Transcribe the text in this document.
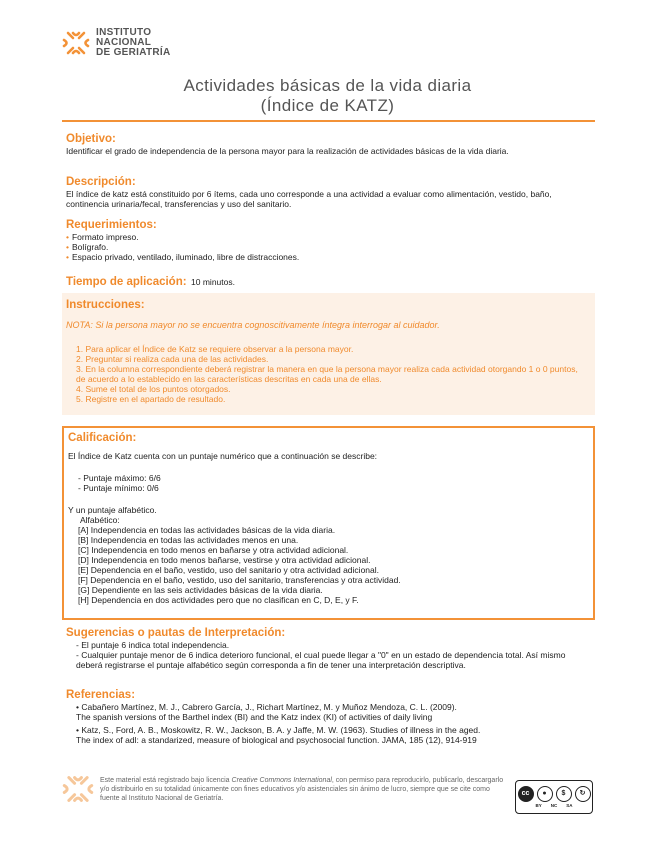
INSTITUTO
NACIONAL
DE GERIATRÍA
Actividades básicas de la vida diaria
(Índice de KATZ)
Objetivo:
Identificar el grado de independencia de la persona mayor para la realización de actividades básicas de la vida diaria.
Descripción:
El índice de katz está constituido por 6 ítems, cada uno corresponde a una actividad a evaluar como alimentación, vestido, baño, continencia urinaria/fecal, transferencias y uso del sanitario.
Requerimientos:
• Formato impreso.
• Bolígrafo.
• Espacio privado, ventilado, iluminado, libre de distracciones.
Tiempo de aplicación: 10 minutos.
Instrucciones:
NOTA: Si la persona mayor no se encuentra cognoscitivamente íntegra interrogar al cuidador.
1. Para aplicar el Índice de Katz se requiere observar a la persona mayor.
2. Preguntar si realiza cada una de las actividades.
3. En la columna correspondiente deberá registrar la manera en que la persona mayor realiza cada actividad otorgando 1 o 0 puntos, de acuerdo a lo establecido en las características descritas en cada una de ellas.
4. Sume el total de los puntos otorgados.
5. Registre en el apartado de resultado.
Calificación:
El Índice de Katz cuenta con un puntaje numérico que a continuación se describe:
- Puntaje máximo: 6/6
- Puntaje mínimo: 0/6
Y un puntaje alfabético.
Alfabético:
[A] Independencia en todas las actividades básicas de la vida diaria.
[B] Independencia en todas las actividades menos en una.
[C] Independencia en todo menos en bañarse y otra actividad adicional.
[D] Independencia en todo menos bañarse, vestirse y otra actividad adicional.
[E] Dependencia en el baño, vestido, uso del sanitario y otra actividad adicional.
[F] Dependencia en el baño, vestido, uso del sanitario, transferencias y otra actividad.
[G] Dependiente en las seis actividades básicas de la vida diaria.
[H] Dependencia en dos actividades pero que no clasifican en C, D, E, y F.
Sugerencias o pautas de Interpretación:
- El puntaje 6 indica total independencia.
- Cualquier puntaje menor de 6 indica deterioro funcional, el cual puede llegar a "0" en un estado de dependencia total. Así mismo deberá registrarse el puntaje alfabético según corresponda a fin de tener una interpretación descriptiva.
Referencias:
• Cabañero Martínez, M. J., Cabrero García, J., Richart Martínez, M. y Muñoz Mendoza, C. L. (2009).
The spanish versions of the Barthel index (BI) and the Katz index (KI) of activities of daily living
• Katz, S., Ford, A. B., Moskowitz, R. W., Jackson, B. A. y Jaffe, M. W. (1963). Studies of illness in the aged.
The index of adl: a standarized, measure of biological and psychosocial function. JAMA, 185 (12), 914-919
Este material está registrado bajo licencia Creative Commons International, con permiso para reproducirlo, publicarlo, descargarlo y/o distribuirlo en su totalidad únicamente con fines educativos y/o asistenciales sin ánimo de lucro, siempre que se cite como fuente al Instituto Nacional de Geriatría.
cc	●	$	↻
BY NC SA
